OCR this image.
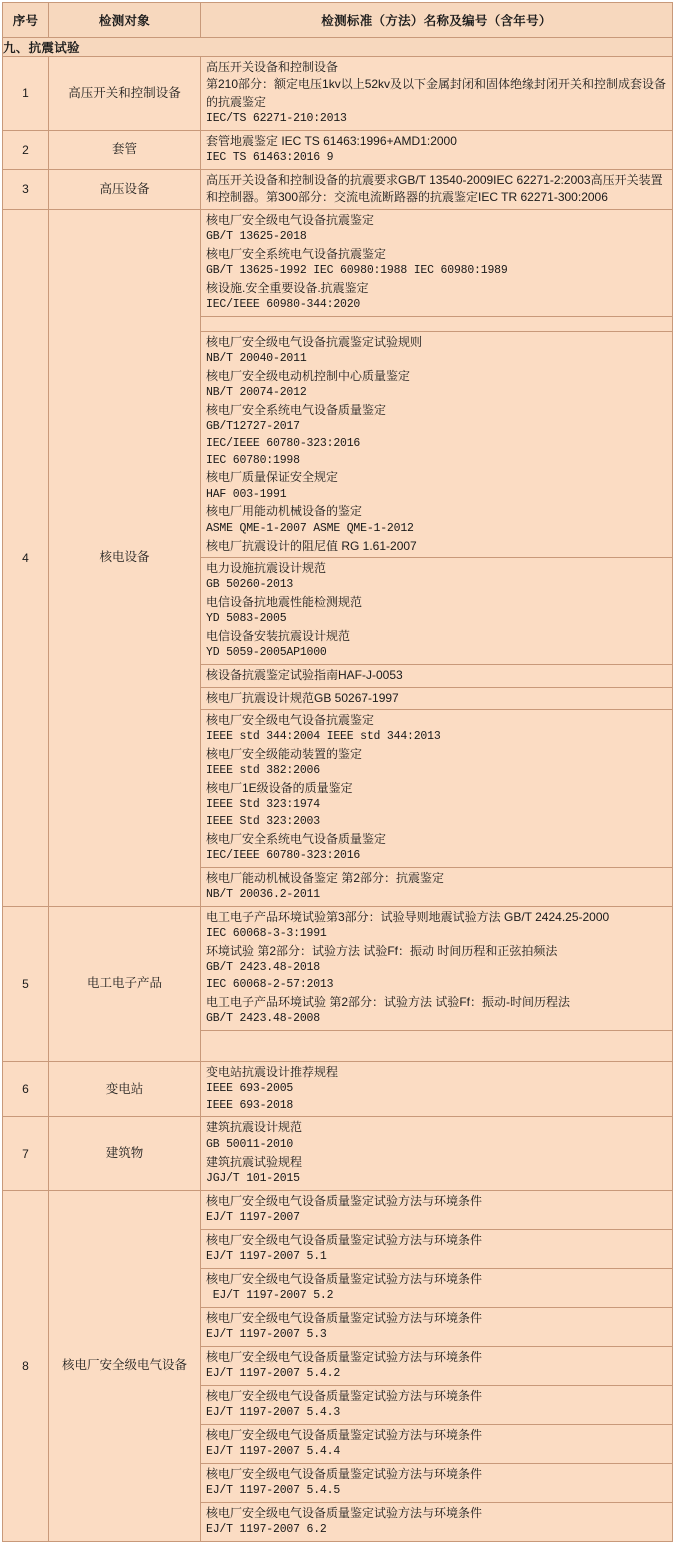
序号	检测对象	检测标准（方法）名称及编号（含年号）
九、抗震试验		
1	高压开关和控制设备	高压开关设备和控制设备
第210部分：额定电压1kv以上52kv及以下金属封闭和固体绝缘封闭开关和控制成套设备的抗震鉴定
IEC/TS 62271-210:2013

2	套管	套管地震鉴定 IEC TS 61463:1996+AMD1:2000
IEC TS 61463:2016 9

3	高压设备	高压开关设备和控制设备的抗震要求GB/T 13540-2009IEC 62271-2:2003高压开关装置和控制器。第300部分：交流电流断路器的抗震鉴定IEC TR 62271-300:2006

4	核电设备	
核电厂安全级电气设备抗震鉴定
GB/T 13625-2018
核电厂安全系统电气设备抗震鉴定
GB/T 13625-1992 IEC 60980:1988 IEC 60980:1989
核设施.安全重要设备.抗震鉴定
IEC/IEEE 60980-344:2020
核电厂安全级电气设备抗震鉴定试验规则
NB/T 20040-2011
核电厂安全级电动机控制中心质量鉴定
NB/T 20074-2012
核电厂安全系统电气设备质量鉴定
GB/T12727-2017
IEC/IEEE 60780-323:2016
IEC 60780:1998
核电厂质量保证安全规定
HAF 003-1991
核电厂用能动机械设备的鉴定
ASME QME-1-2007 ASME QME-1-2012
核电厂抗震设计的阻尼值 RG 1.61-2007
电力设施抗震设计规范
GB 50260-2013
电信设备抗地震性能检测规范
YD 5083-2005
电信设备安装抗震设计规范
YD 5059-2005AP1000
核设备抗震鉴定试验指南HAF-J-0053
核电厂抗震设计规范GB 50267-1997
核电厂安全级电气设备抗震鉴定
IEEE std 344:2004 IEEE std 344:2013
核电厂安全级能动装置的鉴定
IEEE std 382:2006
核电厂1E级设备的质量鉴定
IEEE Std 323:1974
IEEE Std 323:2003
核电厂安全系统电气设备质量鉴定
IEC/IEEE 60780-323:2016
核电厂能动机械设备鉴定 第2部分：抗震鉴定
NB/T 20036.2-2011

5	电工电子产品	
电工电子产品环境试验第3部分：试验导则地震试验方法 GB/T 2424.25-2000
IEC 60068-3-3:1991
环境试验 第2部分：试验方法 试验Ff：振动 时间历程和正弦拍频法
GB/T 2423.48-2018
IEC 60068-2-57:2013
电工电子产品环境试验 第2部分：试验方法 试验Ff：振动-时间历程法
GB/T 2423.48-2008

6	变电站	变电站抗震设计推荐规程
IEEE 693-2005
IEEE 693-2018

7	建筑物	建筑抗震设计规范
GB 50011-2010
建筑抗震试验规程
JGJ/T 101-2015

8	核电厂安全级电气设备	
核电厂安全级电气设备质量鉴定试验方法与环境条件
EJ/T 1197-2007
核电厂安全级电气设备质量鉴定试验方法与环境条件
EJ/T 1197-2007 5.1
核电厂安全级电气设备质量鉴定试验方法与环境条件
EJ/T 1197-2007 5.2
核电厂安全级电气设备质量鉴定试验方法与环境条件
EJ/T 1197-2007 5.3
核电厂安全级电气设备质量鉴定试验方法与环境条件
EJ/T 1197-2007 5.4.2
核电厂安全级电气设备质量鉴定试验方法与环境条件
EJ/T 1197-2007 5.4.3
核电厂安全级电气设备质量鉴定试验方法与环境条件
EJ/T 1197-2007 5.4.4
核电厂安全级电气设备质量鉴定试验方法与环境条件
EJ/T 1197-2007 5.4.5
核电厂安全级电气设备质量鉴定试验方法与环境条件
EJ/T 1197-2007 6.2
